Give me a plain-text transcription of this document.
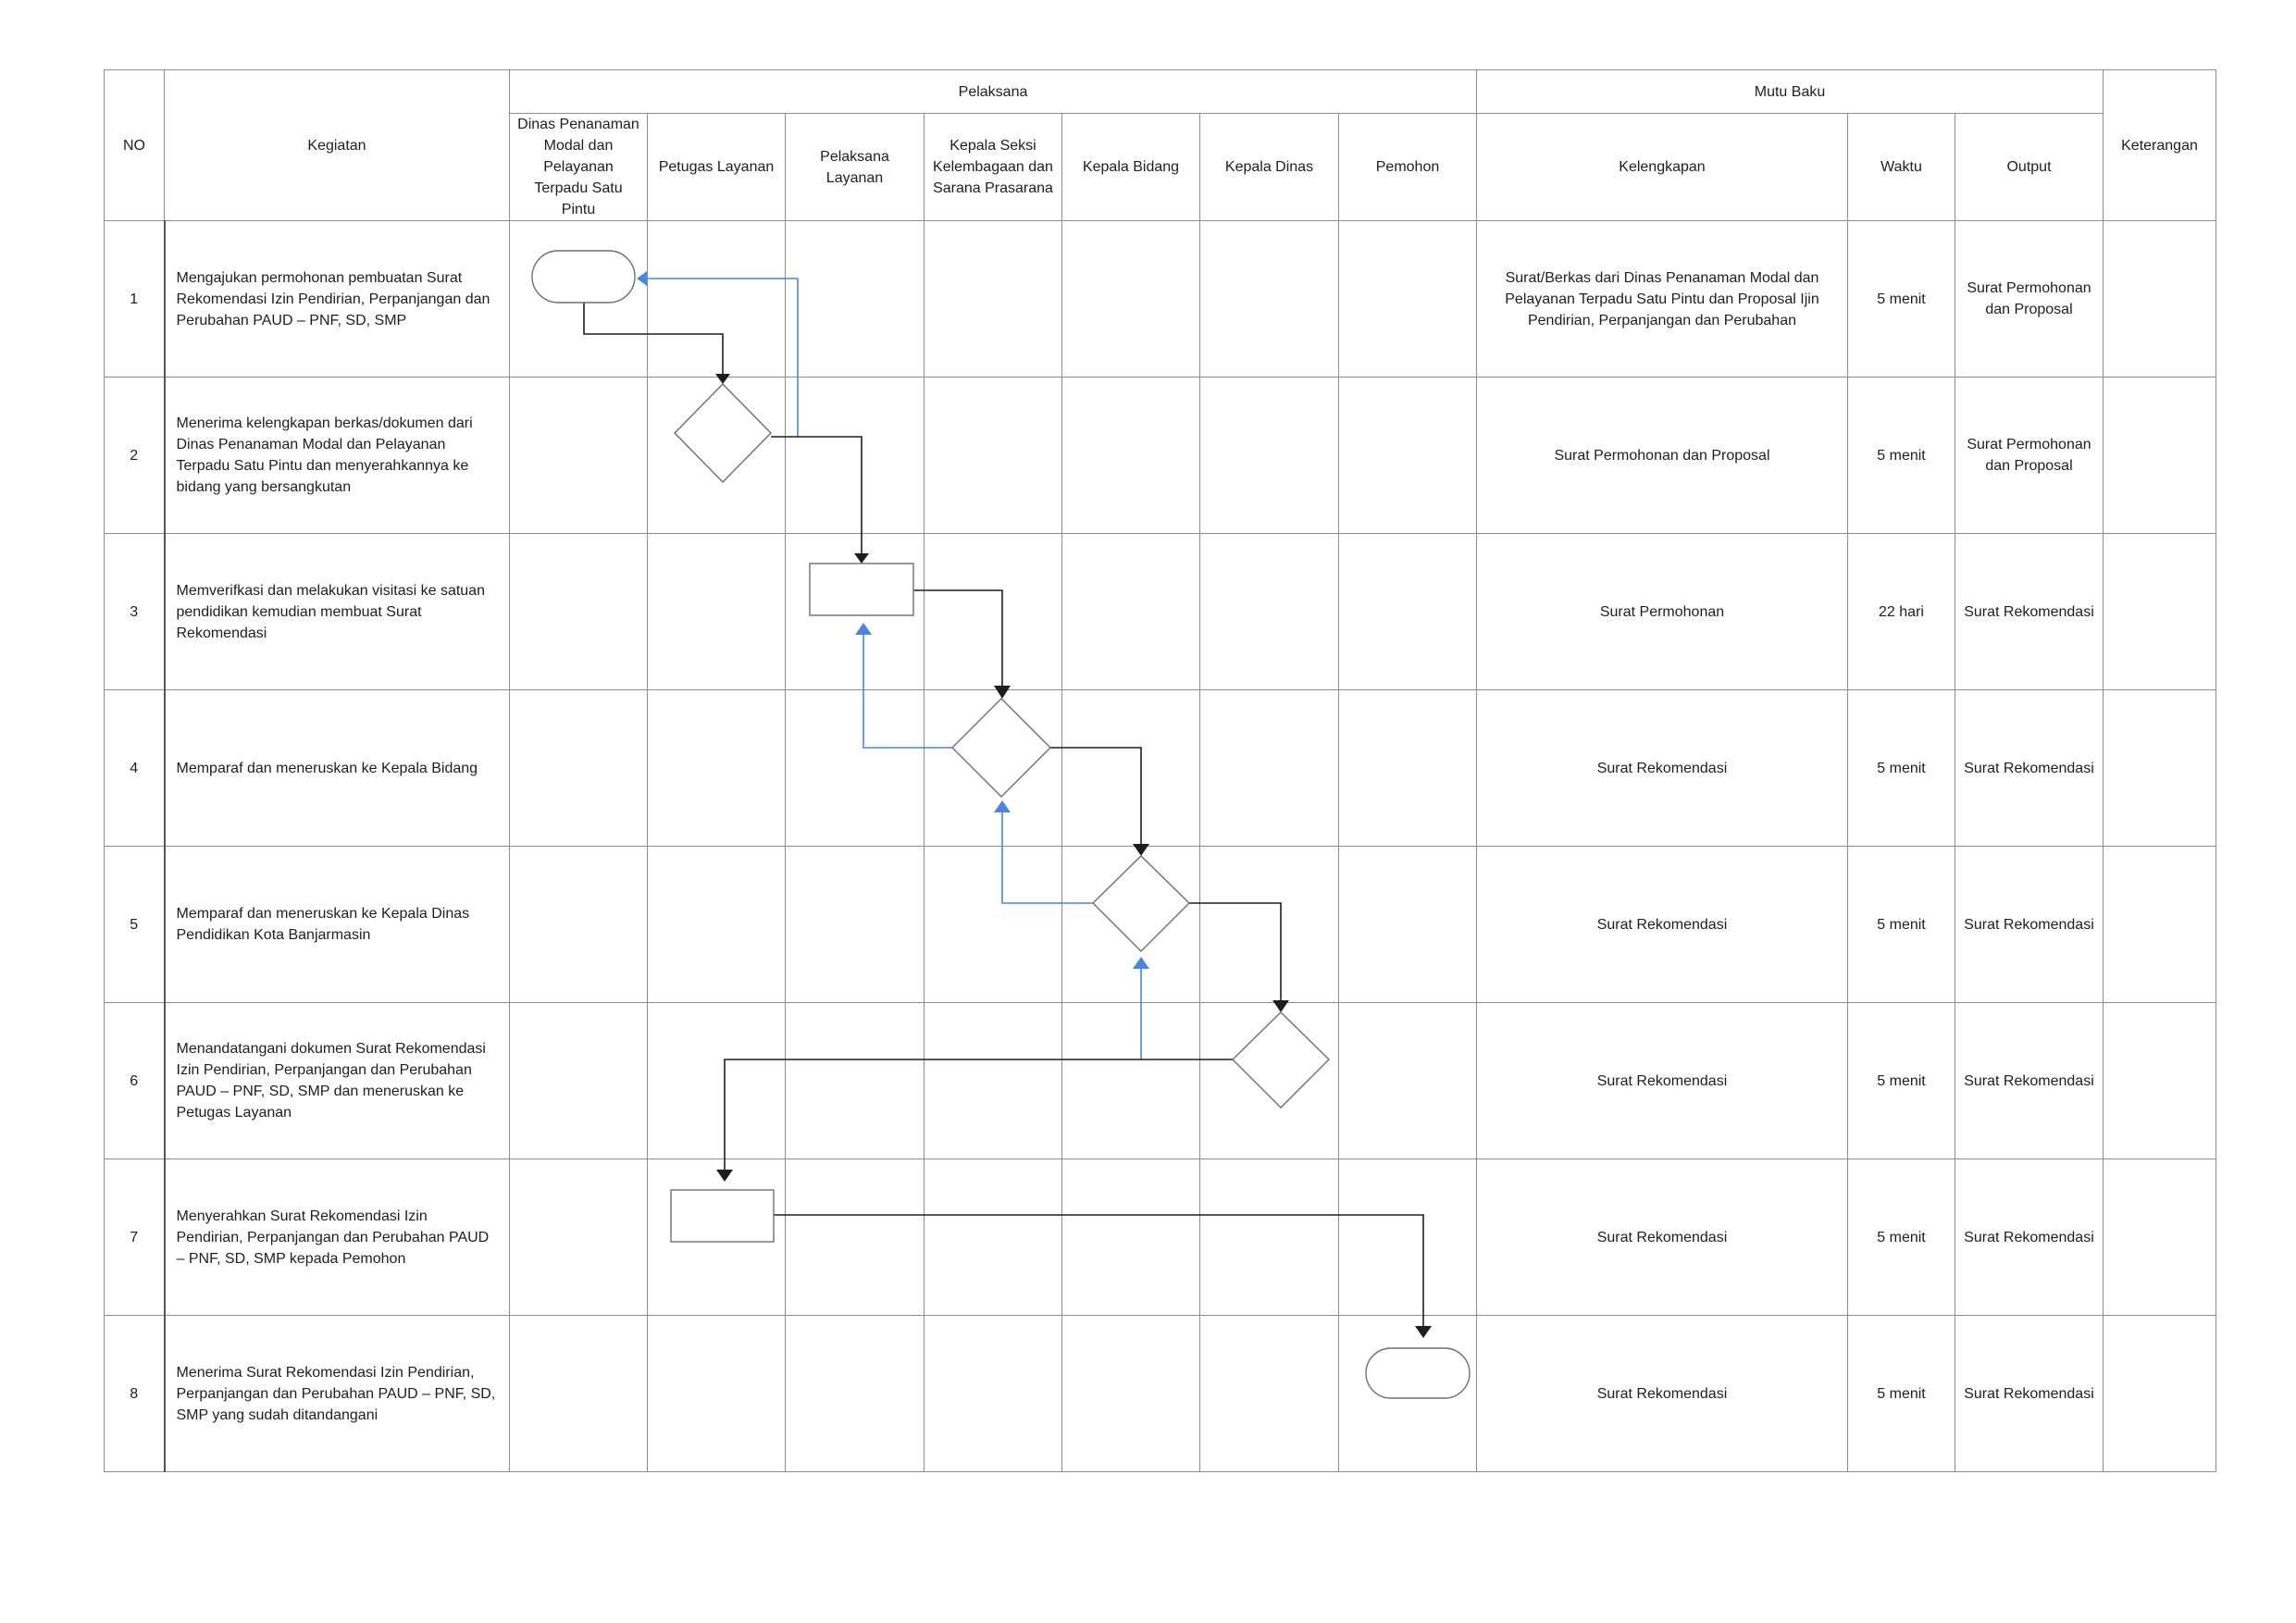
NO	Kegiatan	Pelaksana							Mutu Baku			Keterangan

Dinas Penanaman Modal dan Pelayanan Terpadu Satu Pintu	Petugas Layanan	Pelaksana Layanan	Kepala Seksi Kelembagaan dan Sarana Prasarana	Kepala Bidang	Kepala Dinas	Pemohon	Kelengkapan	Waktu	Output	

1	Mengajukan permohonan pembuatan Surat Rekomendasi Izin Pendirian, Perpanjangan dan Perubahan PAUD – PNF, SD, SMP								Surat/Berkas dari Dinas Penanaman Modal dan Pelayanan Terpadu Satu Pintu dan Proposal Ijin Pendirian, Perpanjangan dan Perubahan	5 menit	Surat Permohonan dan Proposal	

2	Menerima kelengkapan berkas/dokumen dari Dinas Penanaman Modal dan Pelayanan Terpadu Satu Pintu dan menyerahkannya ke bidang yang bersangkutan								Surat Permohonan dan Proposal	5 menit	Surat Permohonan dan Proposal	

3	Memverifkasi dan melakukan visitasi ke satuan pendidikan kemudian membuat Surat Rekomendasi								Surat Permohonan	22 hari	Surat Rekomendasi	

4	Memparaf dan meneruskan ke Kepala Bidang								Surat Rekomendasi	5 menit	Surat Rekomendasi	

5	Memparaf dan meneruskan ke Kepala Dinas Pendidikan Kota Banjarmasin								Surat Rekomendasi	5 menit	Surat Rekomendasi	

6	Menandatangani dokumen Surat Rekomendasi Izin Pendirian, Perpanjangan dan Perubahan PAUD – PNF, SD, SMP dan meneruskan ke Petugas Layanan								Surat Rekomendasi	5 menit	Surat Rekomendasi	

7	Menyerahkan Surat Rekomendasi Izin Pendirian, Perpanjangan dan Perubahan PAUD – PNF, SD, SMP kepada Pemohon								Surat Rekomendasi	5 menit	Surat Rekomendasi	

8	Menerima Surat Rekomendasi Izin Pendirian, Perpanjangan dan Perubahan PAUD – PNF, SD, SMP yang sudah ditandangani								Surat Rekomendasi	5 menit	Surat Rekomendasi	
